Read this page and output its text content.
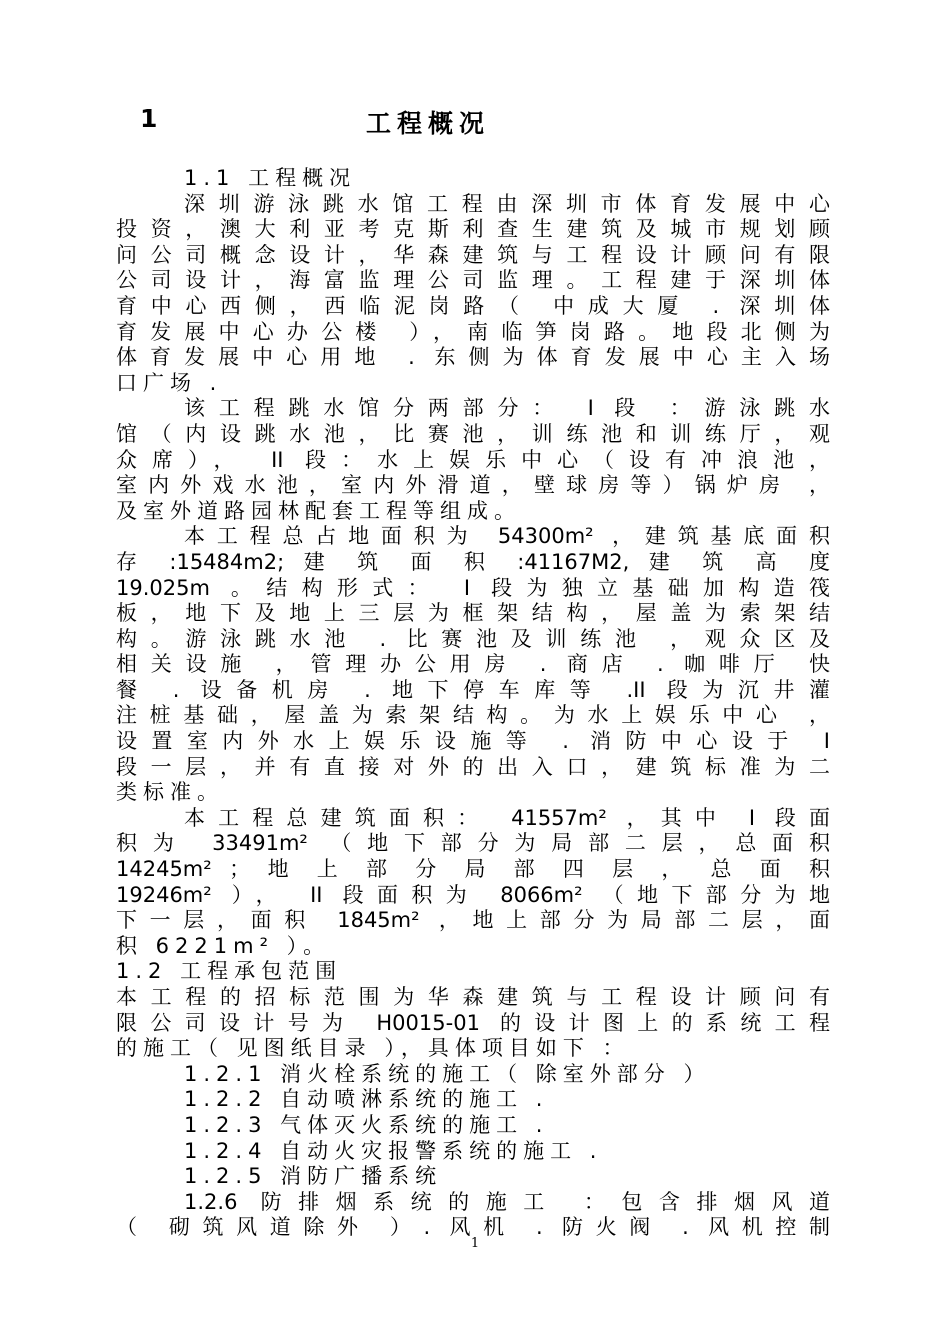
1	工程概况
1.1 工程概况
深圳游泳跳水馆工程由深圳市体育发展中心
投资，澳大利亚考克斯利查生建筑及城市规划顾
问公司概念设计，华森建筑与工程设计顾问有限
公司设计，海富监理公司监理。工程建于深圳体
育中心西侧，西临泥岗路（ 中成大厦 . 深圳体
育发展中心办公楼 ），南临笋岗路。地段北侧为
体育发展中心用地 . 东侧为体育发展中心主入场
口广场 .
该工程跳水馆分两部分： I 段 ：游泳跳水
馆（内设跳水池，比赛池，训练池和训练厅，观
众席）， II 段：水上娱乐中心（设有冲浪池，
室内外戏水池，室内外滑道，壁球房等）锅炉房 ，
及室外道路园林配套工程等组成。
本工程总占地面积为 54300m² ，建筑基底面积
存 :15484m2; 建 筑 面 积 :41167M2, 建 筑 高 度
19.025m 。结构形式： I 段为独立基础加构造筏
板，地下及地上三层为框架结构，屋盖为索架结
构。游泳跳水池 . 比赛池及训练池 ，观众区及
相关设施 ，管理办公用房 . 商店 . 咖啡厅 快
餐 . 设备机房 . 地下停车库等 .II 段为沉井灌
注桩基础，屋盖为索架结构。为水上娱乐中心 ，
设置室内外水上娱乐设施等 . 消防中心设于 I
段一层，并有直接对外的出入口，建筑标准为二
类标准。
本工程总建筑面积： 41557m² ，其中 I 段面
积为 33491m² （地下部分为局部二层，总面积
14245m² ； 地 上 部 分 局 部 四 层 ， 总 面 积
19246m² ）， II 段面积为 8066m² （地下部分为地
下一层，面积 1845m² ，地上部分为局部二层，面
积 6221m² ）。
1.2 工程承包范围
本工程的招标范围为华森建筑与工程设计顾问有
限公司设计号为 H0015-01 的设计图上的系统工程
的施工（ 见图纸目录 ），具体项目如下 ：
1.2.1 消火栓系统的施工（ 除室外部分 ）
1.2.2 自动喷淋系统的施工 .
1.2.3 气体灭火系统的施工 .
1.2.4 自动火灾报警系统的施工 .
1.2.5 消防广播系统
1.2.6 防排烟系统的施工 ：包含排烟风道
（ 砌筑风道除外 ）. 风机 . 防火阀 . 风机控制
1
